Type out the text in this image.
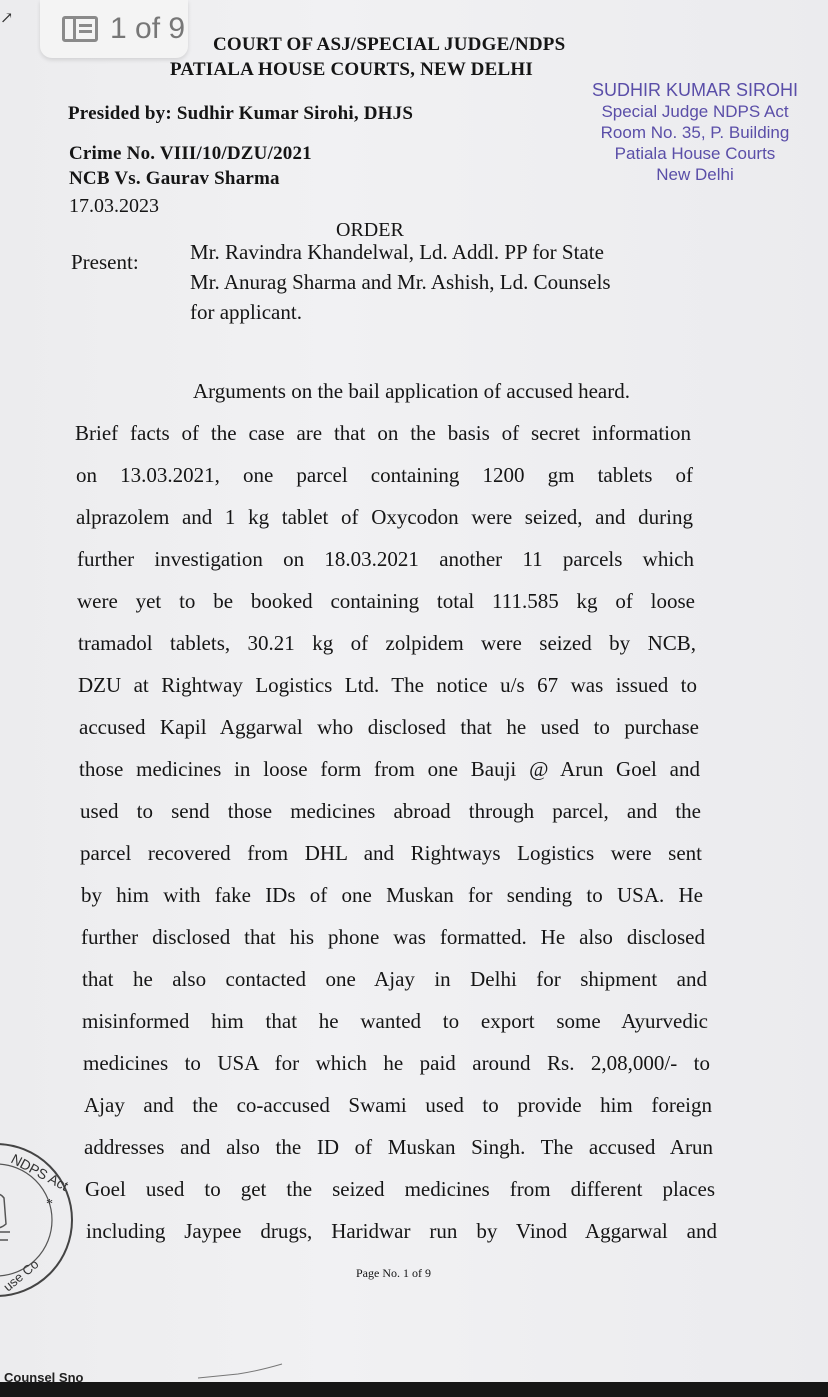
↗
COURT OF ASJ/SPECIAL JUDGE/NDPS
PATIALA HOUSE COURTS, NEW DELHI
Presided by: Sudhir Kumar Sirohi, DHJS
Crime No. VIII/10/DZU/2021
NCB Vs. Gaurav Sharma
17.03.2023
ORDER
SUDHIR KUMAR SIROHI
Special Judge NDPS Act
Room No. 35, P. Building
Patiala House Courts
New Delhi
Present: Mr. Ravindra Khandelwal, Ld. Addl. PP for State
Mr. Anurag Sharma and Mr. Ashish, Ld. Counsels
for applicant.
Arguments on the bail application of accused heard.
Brief facts of the case are that on the basis of secret information
on 13.03.2021, one parcel containing 1200 gm tablets of
alprazolem and 1 kg tablet of Oxycodon were seized, and during
further investigation on 18.03.2021 another 11 parcels which
were yet to be booked containing total 111.585 kg of loose
tramadol tablets, 30.21 kg of zolpidem were seized by NCB,
DZU at Rightway Logistics Ltd. The notice u/s 67 was issued to
accused Kapil Aggarwal who disclosed that he used to purchase
those medicines in loose form from one Bauji @ Arun Goel and
used to send those medicines abroad through parcel, and the
parcel recovered from DHL and Rightways Logistics were sent
by him with fake IDs of one Muskan for sending to USA. He
further disclosed that his phone was formatted. He also disclosed
that he also contacted one Ajay in Delhi for shipment and
misinformed him that he wanted to export some Ayurvedic
medicines to USA for which he paid around Rs. 2,08,000/- to
Ajay and the co-accused Swami used to provide him foreign
addresses and also the ID of Muskan Singh. The accused Arun
Goel used to get the seized medicines from different places
including Jaypee drugs, Haridwar run by Vinod Aggarwal and
NDPS Act
*
use Co	Page No. 1 of 9
Counsel Sno
1 of 9
